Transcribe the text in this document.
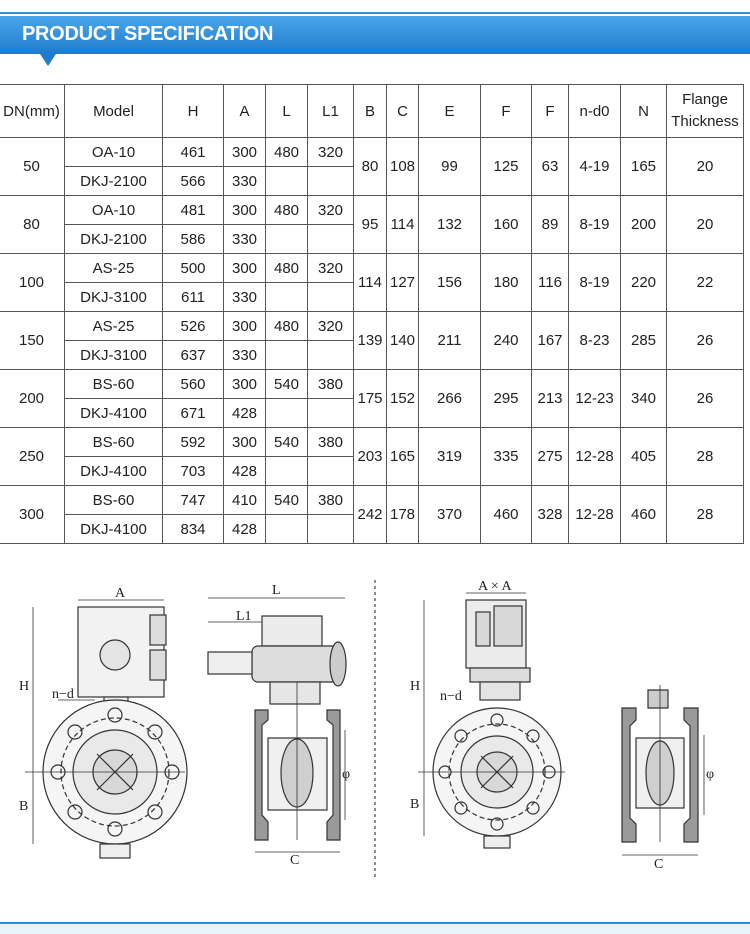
PRODUCT SPECIFICATION
DN(mm)	Model	H	A	L	L1	B	C	E	F	F	n-d0	N	Flange
Thickness
50	OA-10	461	300	480	320	80	108	99	125	63	4-19	165	20
	DKJ-2100	566	330										
80	OA-10	481	300	480	320	95	114	132	160	89	8-19	200	20
	DKJ-2100	586	330										
100	AS-25	500	300	480	320	114	127	156	180	116	8-19	220	22
	DKJ-3100	611	330										
150	AS-25	526	300	480	320	139	140	211	240	167	8-23	285	26
	DKJ-3100	637	330										
200	BS-60	560	300	540	380	175	152	266	295	213	12-23	340	26
	DKJ-4100	671	428										
250	BS-60	592	300	540	380	203	165	319	335	275	12-28	405	28
	DKJ-4100	703	428										
300	BS-60	747	410	540	380	242	178	370	460	328	12-28	460	28
	DKJ-4100	834	428										
A
H
n−d
B
L
L1
C
φ
A × A
H
n−d
B
C
φ
